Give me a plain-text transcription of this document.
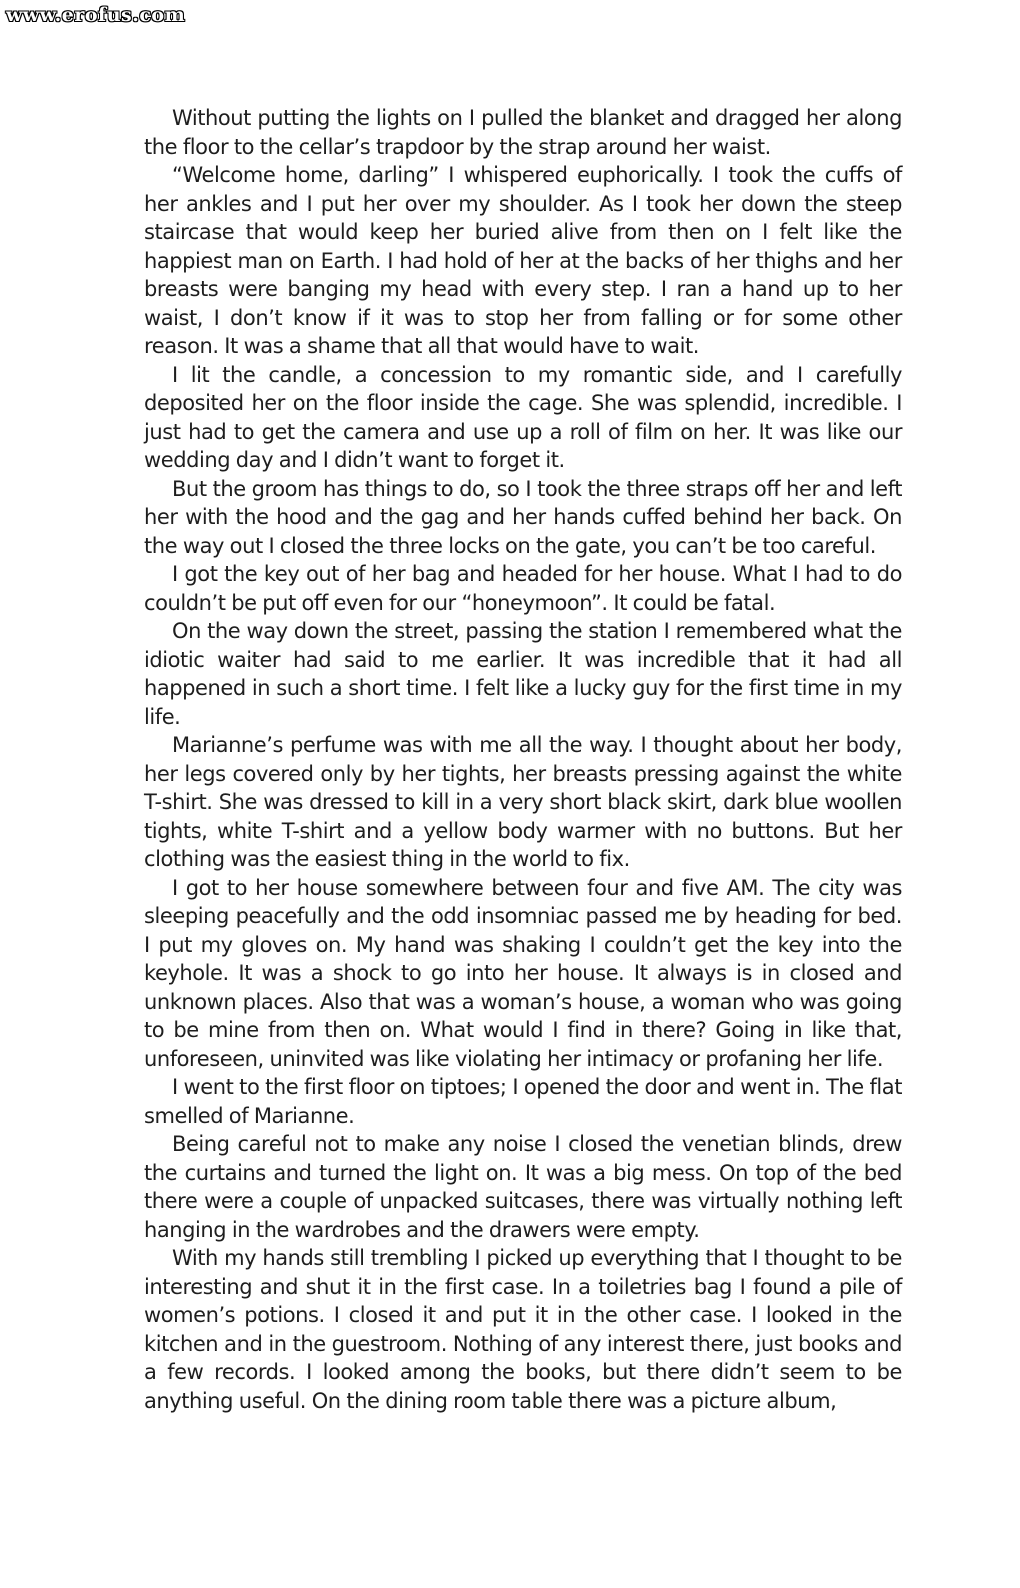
www.erofus.com

Without putting the lights on I pulled the blanket and dragged her along the floor to the cellar’s trapdoor by the strap around her waist.

“Welcome home, darling” I whispered euphorically. I took the cuffs of her ankles and I put her over my shoulder. As I took her down the steep staircase that would keep her buried alive from then on I felt like the happiest man on Earth. I had hold of her at the backs of her thighs and her breasts were banging my head with every step. I ran a hand up to her waist, I don’t know if it was to stop her from falling or for some other reason. It was a shame that all that would have to wait.

I lit the candle, a concession to my romantic side, and I carefully deposited her on the floor inside the cage. She was splendid, incredible. I just had to get the camera and use up a roll of film on her. It was like our wedding day and I didn’t want to forget it.

But the groom has things to do, so I took the three straps off her and left her with the hood and the gag and her hands cuffed behind her back. On the way out I closed the three locks on the gate, you can’t be too careful.

I got the key out of her bag and headed for her house. What I had to do couldn’t be put off even for our “honeymoon”. It could be fatal.

On the way down the street, passing the station I remembered what the idiotic waiter had said to me earlier. It was incredible that it had all happened in such a short time. I felt like a lucky guy for the first time in my life.

Marianne’s perfume was with me all the way. I thought about her body, her legs covered only by her tights, her breasts pressing against the white T-shirt. She was dressed to kill in a very short black skirt, dark blue woollen tights, white T-shirt and a yellow body warmer with no buttons. But her clothing was the easiest thing in the world to fix.

I got to her house somewhere between four and five AM. The city was sleeping peacefully and the odd insomniac passed me by heading for bed. I put my gloves on. My hand was shaking I couldn’t get the key into the keyhole. It was a shock to go into her house. It always is in closed and unknown places. Also that was a woman’s house, a woman who was going to be mine from then on. What would I find in there? Going in like that, unforeseen, uninvited was like violating her intimacy or profaning her life.

I went to the first floor on tiptoes; I opened the door and went in. The flat smelled of Marianne.

Being careful not to make any noise I closed the venetian blinds, drew the curtains and turned the light on. It was a big mess. On top of the bed there were a couple of unpacked suitcases, there was virtually nothing left hanging in the wardrobes and the drawers were empty.

With my hands still trembling I picked up everything that I thought to be interesting and shut it in the first case. In a toiletries bag I found a pile of women’s potions. I closed it and put it in the other case. I looked in the kitchen and in the guestroom. Nothing of any interest there, just books and a few records. I looked among the books, but there didn’t seem to be anything useful. On the dining room table there was a picture album,
